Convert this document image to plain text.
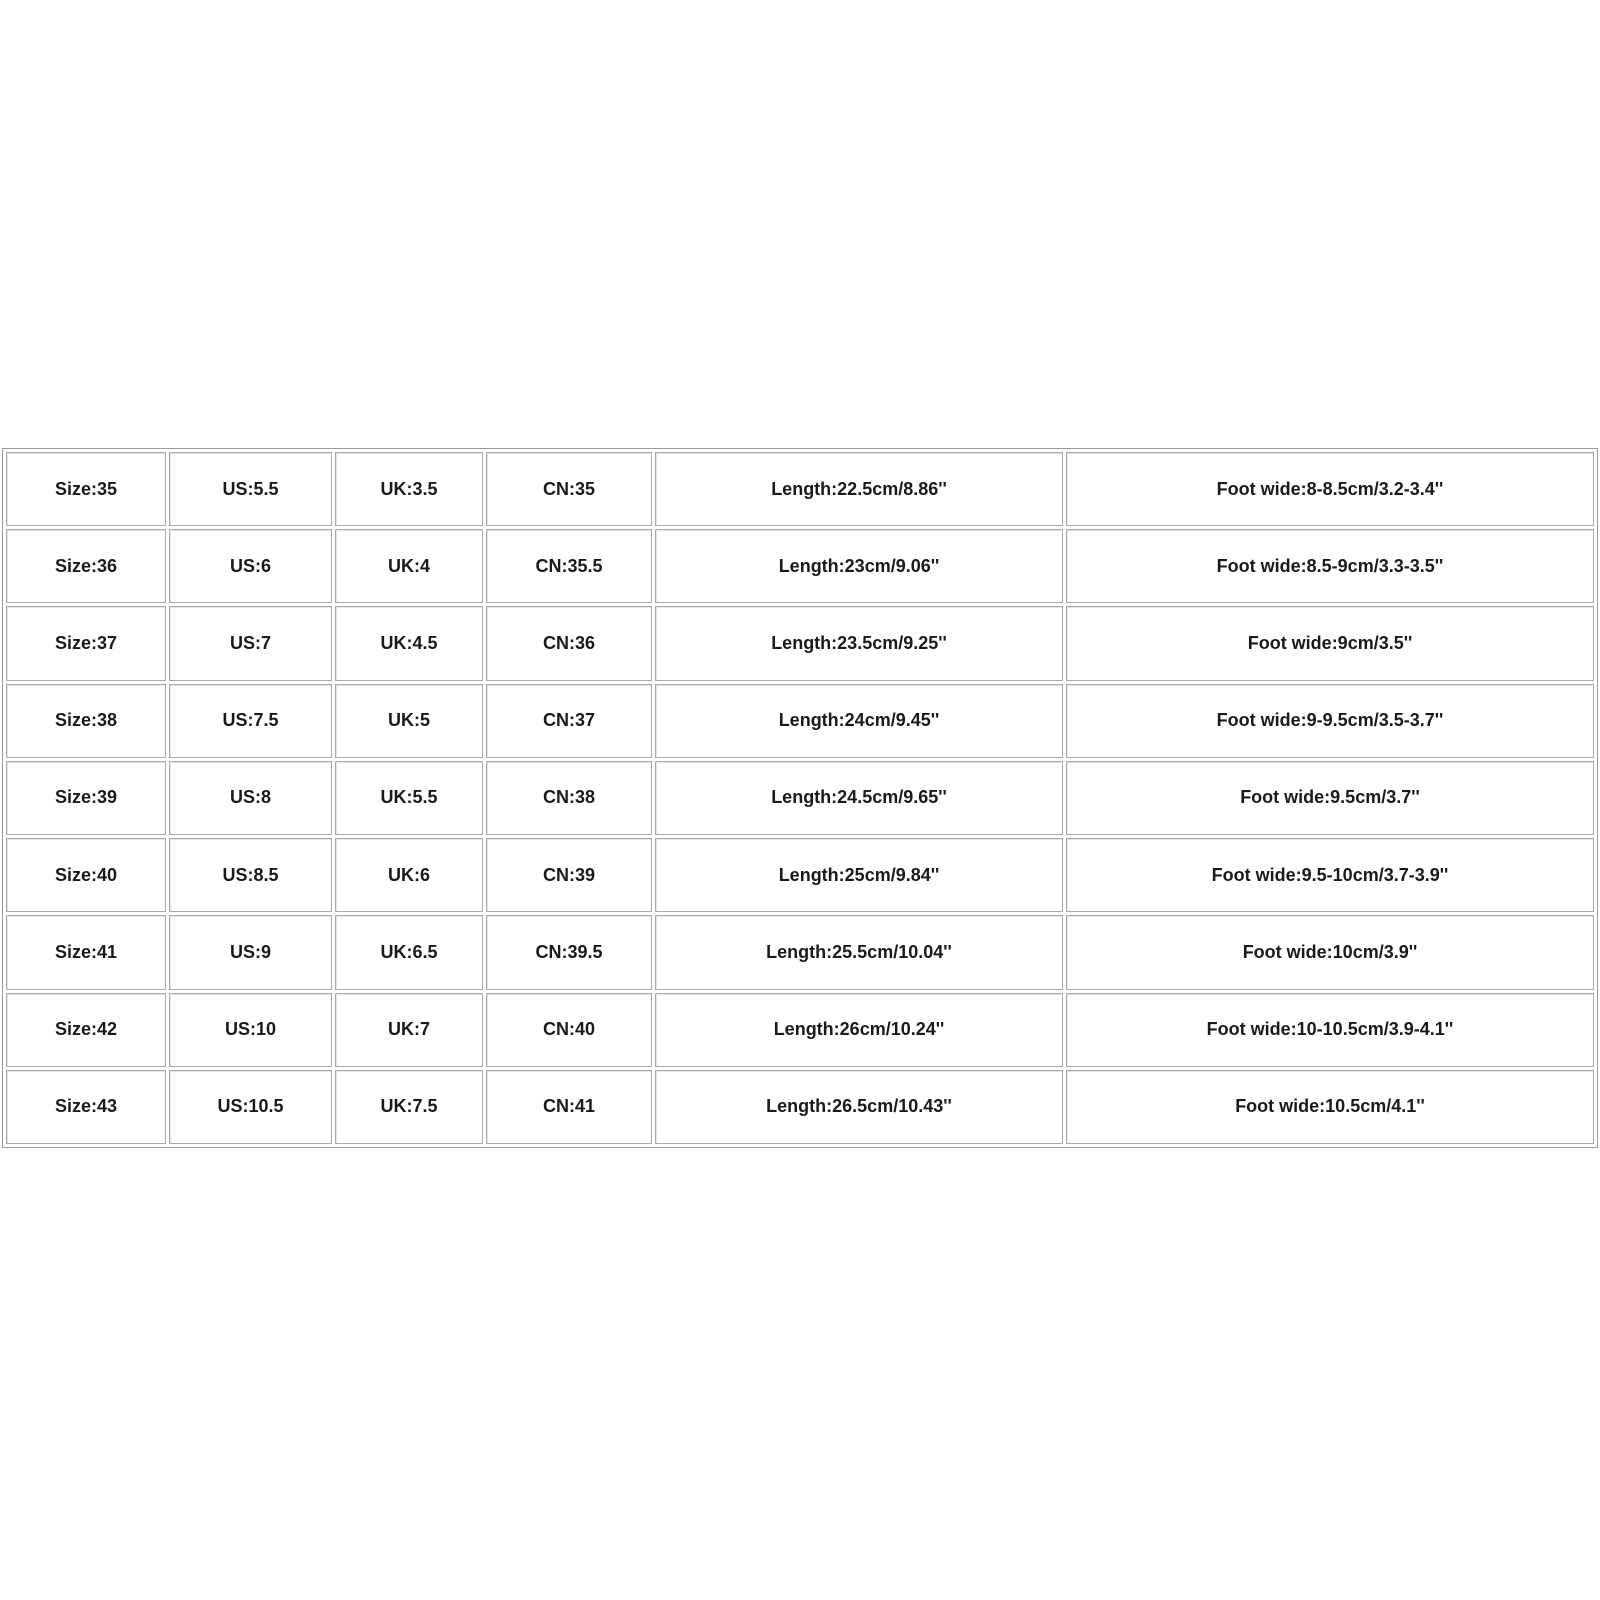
Size:35	US:5.5	UK:3.5	CN:35	Length:22.5cm/8.86''	Foot wide:8-8.5cm/3.2-3.4''
Size:36	US:6	UK:4	CN:35.5	Length:23cm/9.06''	Foot wide:8.5-9cm/3.3-3.5''
Size:37	US:7	UK:4.5	CN:36	Length:23.5cm/9.25''	Foot wide:9cm/3.5''
Size:38	US:7.5	UK:5	CN:37	Length:24cm/9.45''	Foot wide:9-9.5cm/3.5-3.7''
Size:39	US:8	UK:5.5	CN:38	Length:24.5cm/9.65''	Foot wide:9.5cm/3.7''
Size:40	US:8.5	UK:6	CN:39	Length:25cm/9.84''	Foot wide:9.5-10cm/3.7-3.9''
Size:41	US:9	UK:6.5	CN:39.5	Length:25.5cm/10.04''	Foot wide:10cm/3.9''
Size:42	US:10	UK:7	CN:40	Length:26cm/10.24''	Foot wide:10-10.5cm/3.9-4.1''
Size:43	US:10.5	UK:7.5	CN:41	Length:26.5cm/10.43''	Foot wide:10.5cm/4.1''
